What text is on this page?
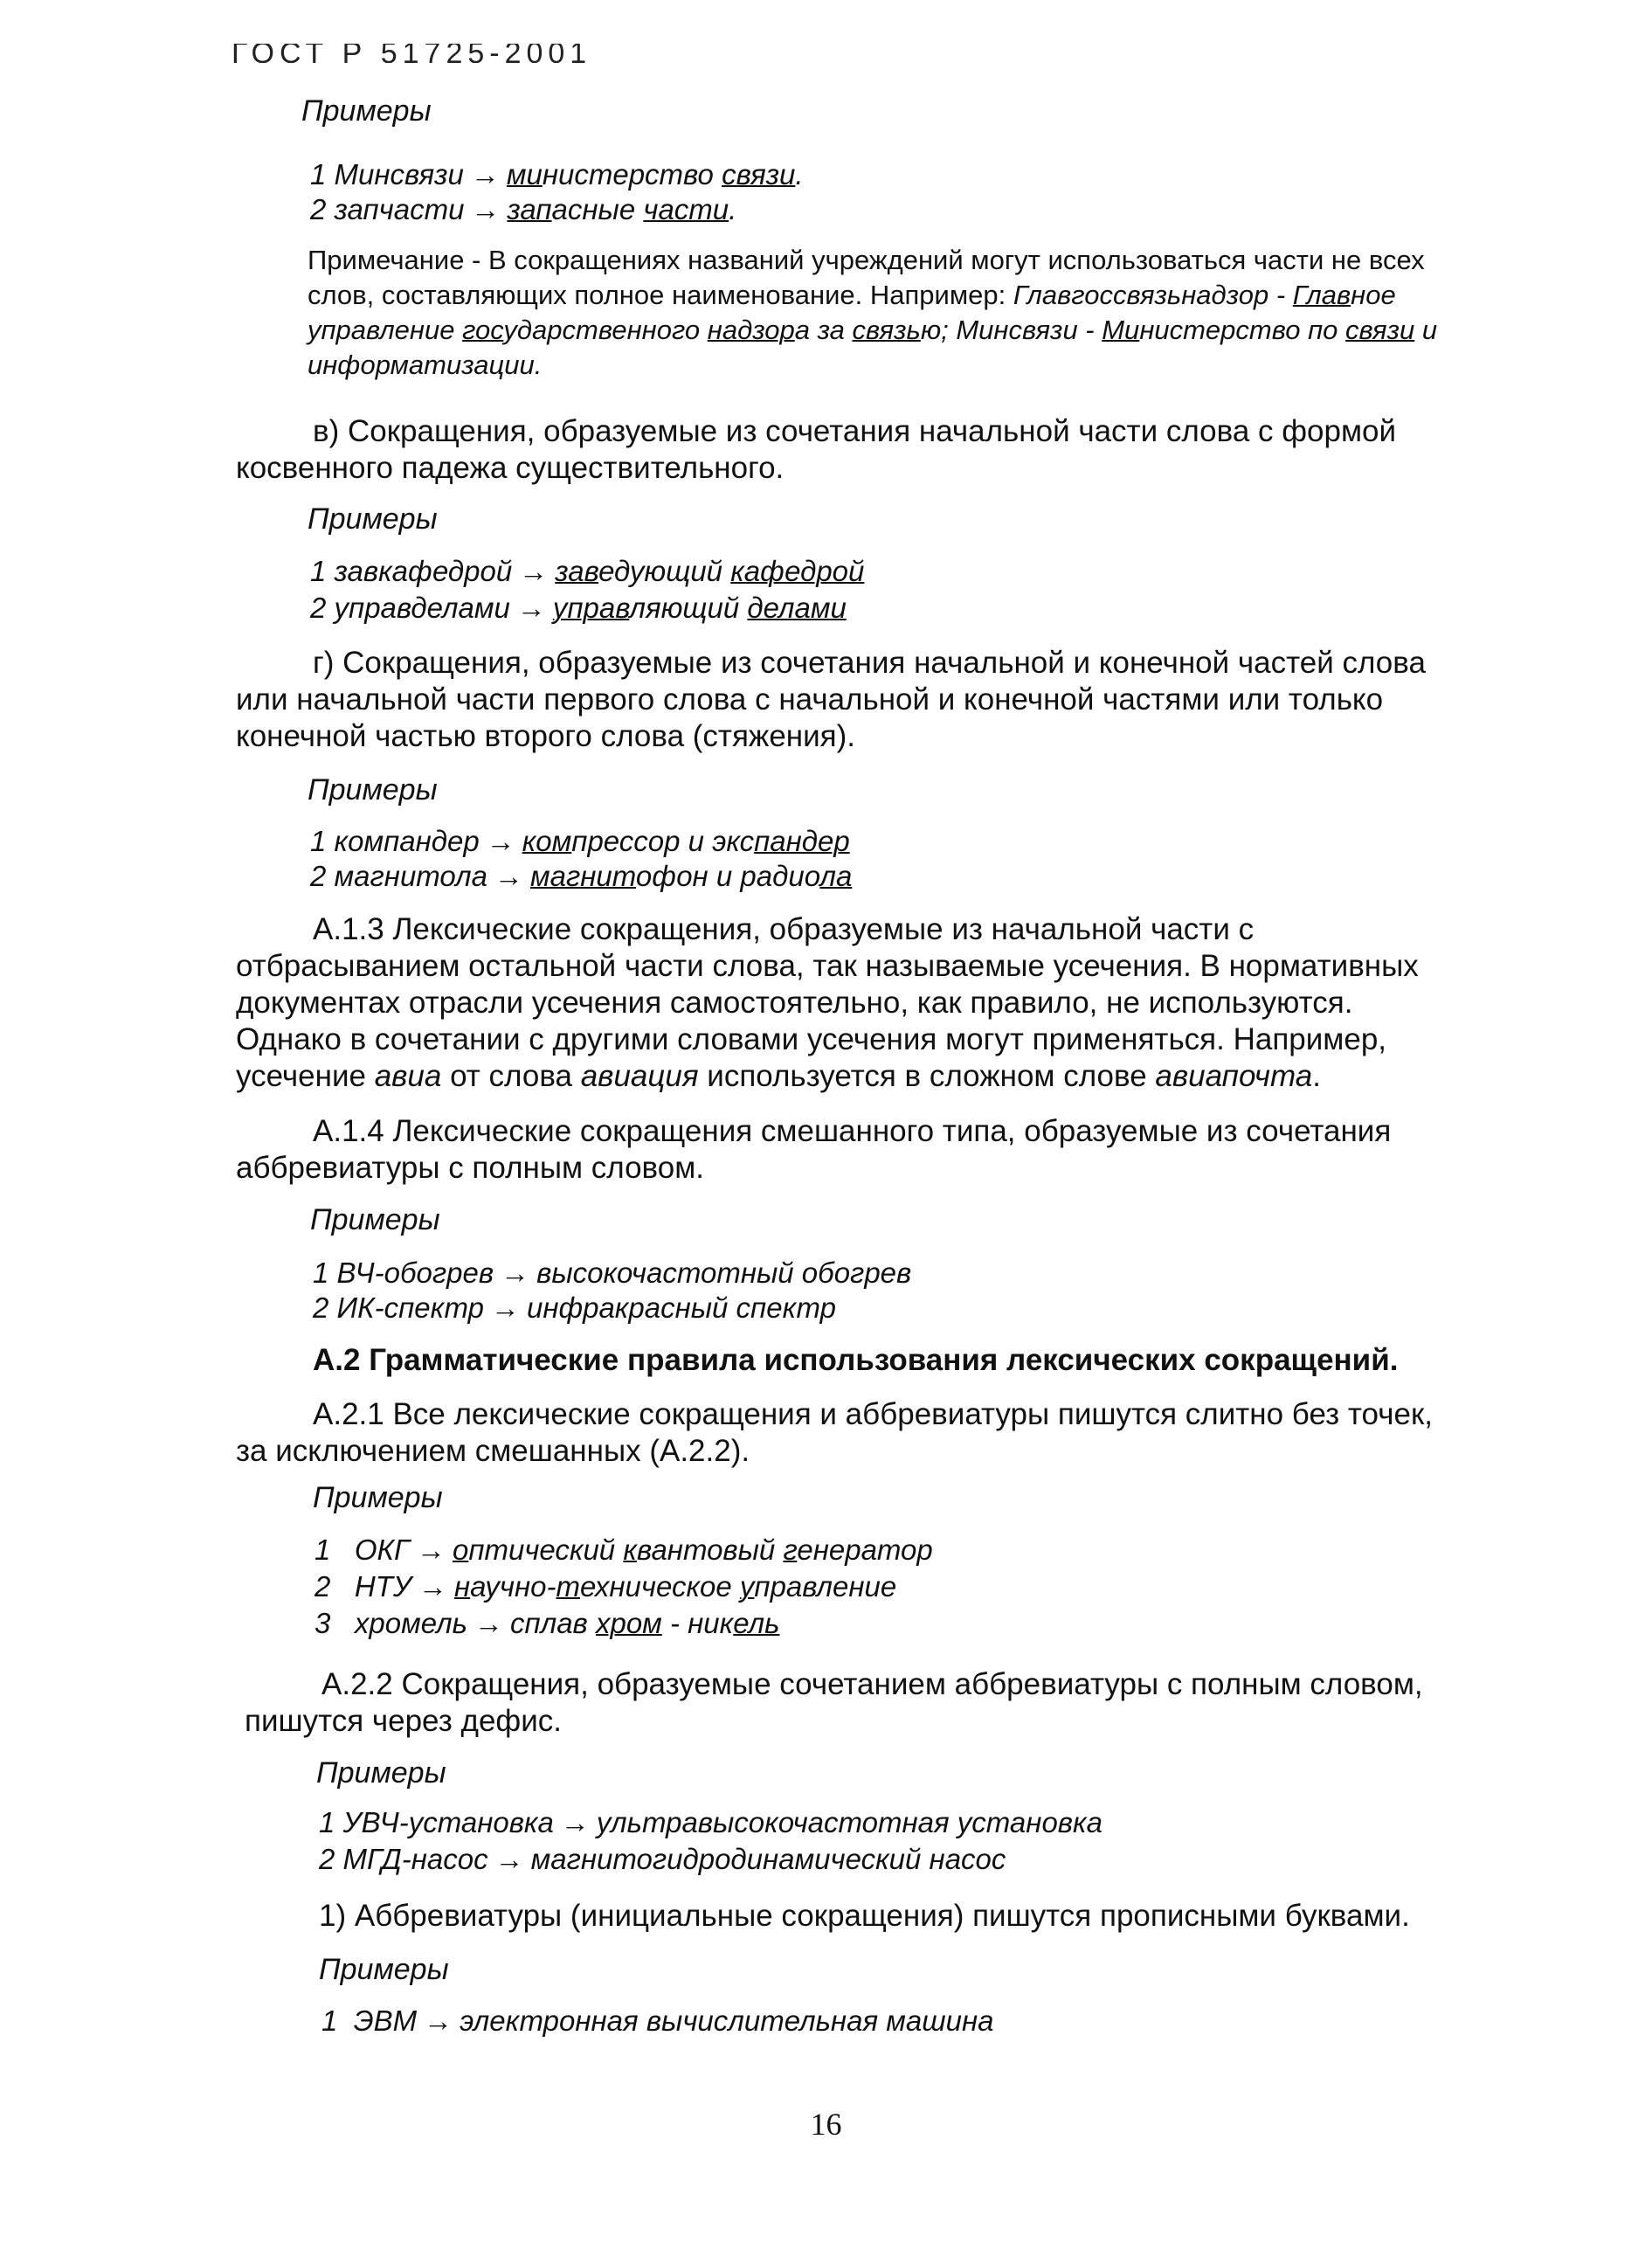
ГОСТ Р 51725-2001
Примеры
1 Минсвязи → министерство связи.
2 запчасти → запасные части.
Примечание - В сокращениях названий учреждений могут использоваться части не всех слов, составляющих полное наименование. Например: Главгоссвязьнадзор - Главное управление государственного надзора за связью; Минсвязи - Министерство по связи и информатизации.
в) Сокращения, образуемые из сочетания начальной части слова с формой косвенного падежа существительного.
Примеры
1 завкафедрой → заведующий кафедрой
2 управделами → управляющий делами
г) Сокращения, образуемые из сочетания начальной и конечной частей слова или начальной части первого слова с начальной и конечной частями или только конечной частью второго слова (стяжения).
Примеры
1 компандер → компрессор и экспандер
2 магнитола → магнитофон и радиола
А.1.3 Лексические сокращения, образуемые из начальной части с отбрасыванием остальной части слова, так называемые усечения. В нормативных документах отрасли усечения самостоятельно, как правило, не используются. Однако в сочетании с другими словами усечения могут применяться. Например, усечение авиа от слова авиация используется в сложном слове авиапочта.
А.1.4 Лексические сокращения смешанного типа, образуемые из сочетания аббревиатуры с полным словом.
Примеры
1 ВЧ-обогрев → высокочастотный обогрев
2 ИК-спектр → инфракрасный спектр
А.2 Грамматические правила использования лексических сокращений.
А.2.1 Все лексические сокращения и аббревиатуры пишутся слитно без точек, за исключением смешанных (А.2.2).
Примеры
1 ОКГ → оптический квантовый генератор
2 НТУ → научно-техническое управление
3 хромель → сплав хром - никель
А.2.2 Сокращения, образуемые сочетанием аббревиатуры с полным словом, пишутся через дефис.
Примеры
1 УВЧ-установка → ультравысокочастотная установка
2 МГД-насос → магнитогидродинамический насос
1) Аббревиатуры (инициальные сокращения) пишутся прописными буквами.
Примеры
1 ЭВМ → электронная вычислительная машина
16
